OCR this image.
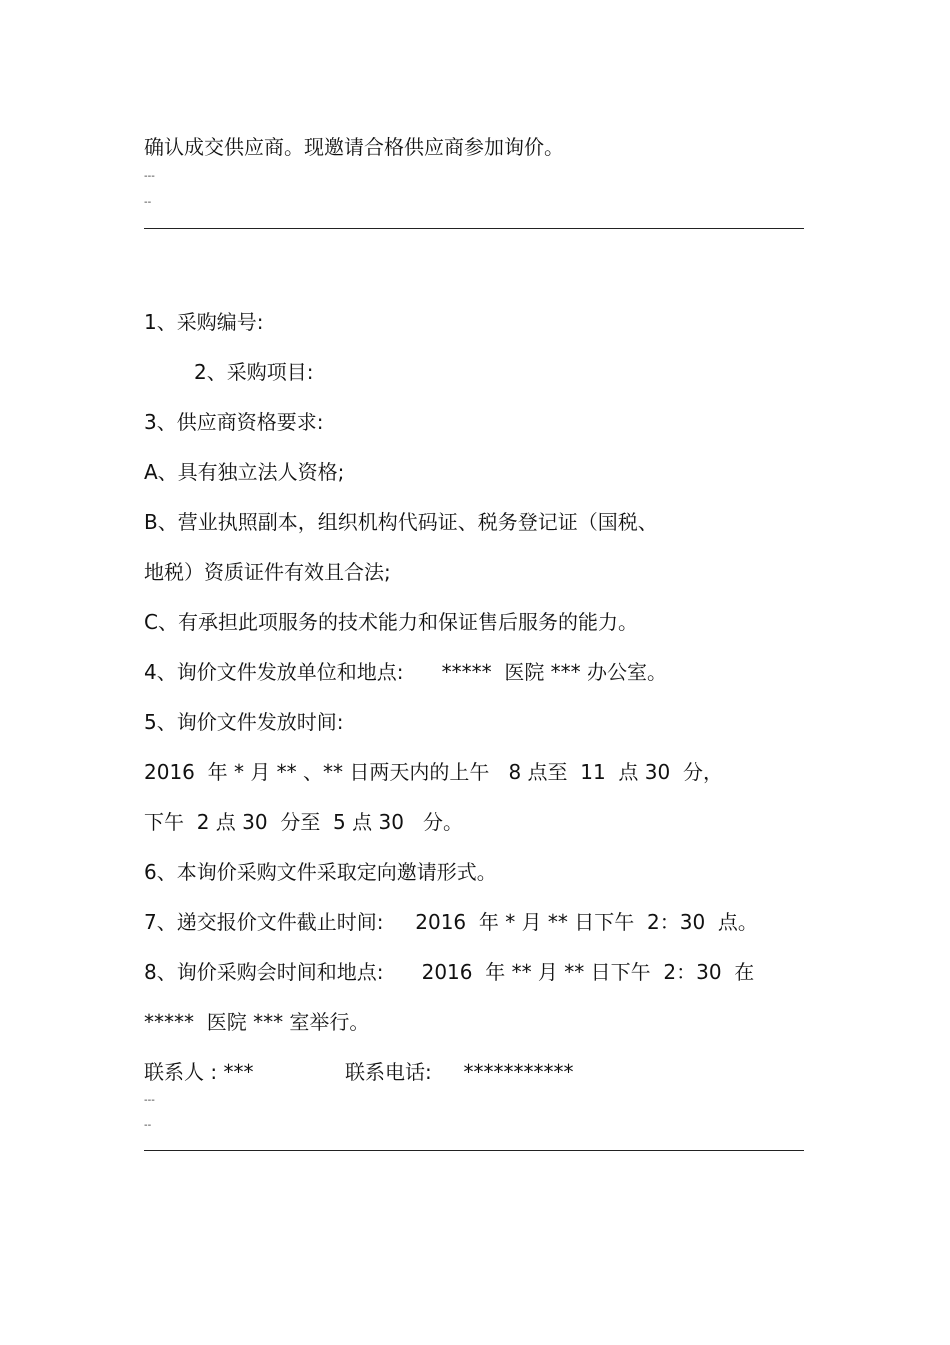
确认成交供应商。现邀请合格供应商参加询价。
---
--
1、采购编号:
2、采购项目:
3、供应商资格要求:
A、具有独立法人资格;
B、营业执照副本，组织机构代码证、税务登记证（国税、
地税）资质证件有效且合法;
C、有承担此项服务的技术能力和保证售后服务的能力。
4、询价文件发放单位和地点:      *****  医院 *** 办公室。
5、询价文件发放时间:
2016  年 * 月 ** 、** 日两天内的上午   8 点至  11  点 30  分，
下午  2 点 30  分至  5 点 30   分。
6、本询价采购文件采取定向邀请形式。
7、递交报价文件截止时间:     2016  年 * 月 ** 日下午  2：30  点。
8、询价采购会时间和地点:      2016  年 ** 月 ** 日下午  2：30  在
*****  医院 *** 室举行。
联系人 : ***	联系电话:     ***********
---
--
